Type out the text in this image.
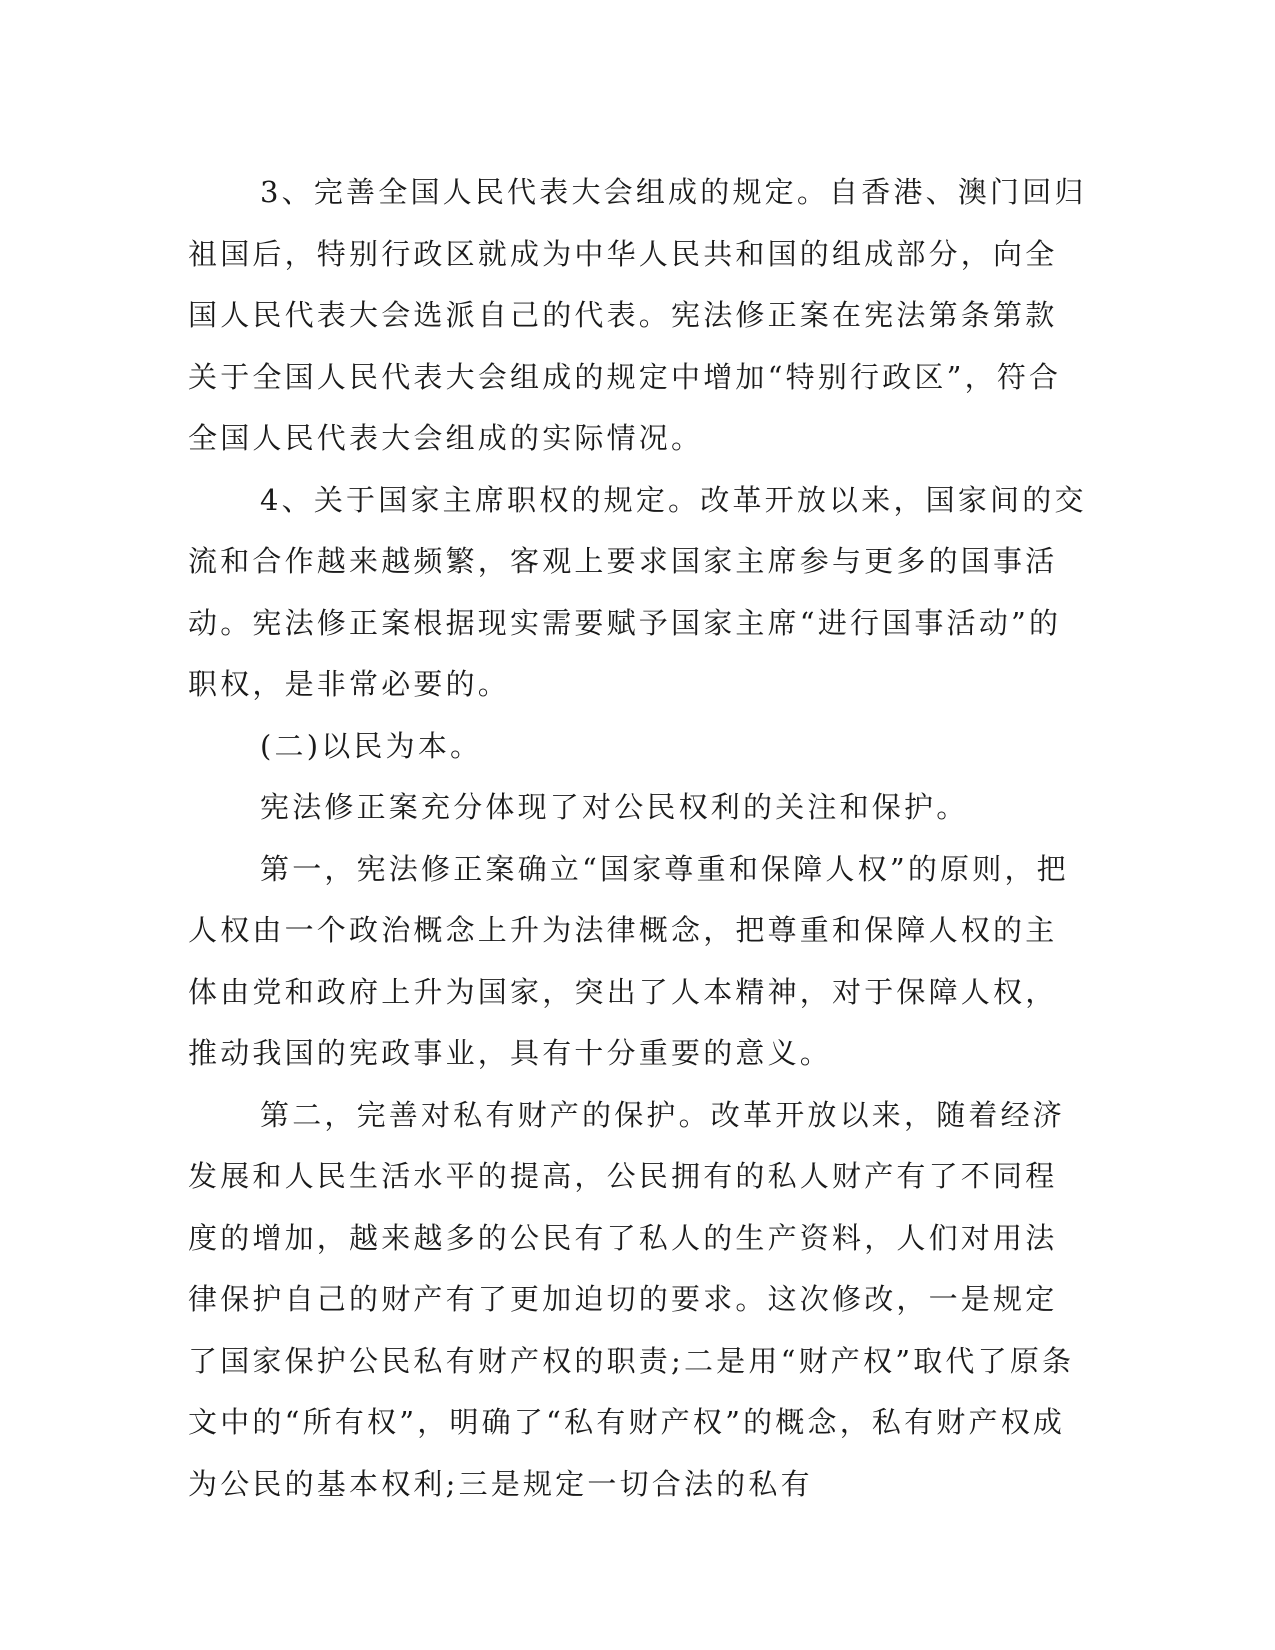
3、完善全国人民代表大会组成的规定。自香港、澳门回归祖国后，特别行政区就成为中华人民共和国的组成部分，向全国人民代表大会选派自己的代表。宪法修正案在宪法第条第款关于全国人民代表大会组成的规定中增加“特别行政区”，符合全国人民代表大会组成的实际情况。

4、关于国家主席职权的规定。改革开放以来，国家间的交流和合作越来越频繁，客观上要求国家主席参与更多的国事活动。宪法修正案根据现实需要赋予国家主席“进行国事活动”的职权，是非常必要的。

(二)以民为本。

宪法修正案充分体现了对公民权利的关注和保护。

第一，宪法修正案确立“国家尊重和保障人权”的原则，把人权由一个政治概念上升为法律概念，把尊重和保障人权的主体由党和政府上升为国家，突出了人本精神，对于保障人权，推动我国的宪政事业，具有十分重要的意义。

第二，完善对私有财产的保护。改革开放以来，随着经济发展和人民生活水平的提高，公民拥有的私人财产有了不同程度的增加，越来越多的公民有了私人的生产资料，人们对用法律保护自己的财产有了更加迫切的要求。这次修改，一是规定了国家保护公民私有财产权的职责;二是用“财产权”取代了原条文中的“所有权”，明确了“私有财产权”的概念，私有财产权成为公民的基本权利;三是规定一切合法的私有
